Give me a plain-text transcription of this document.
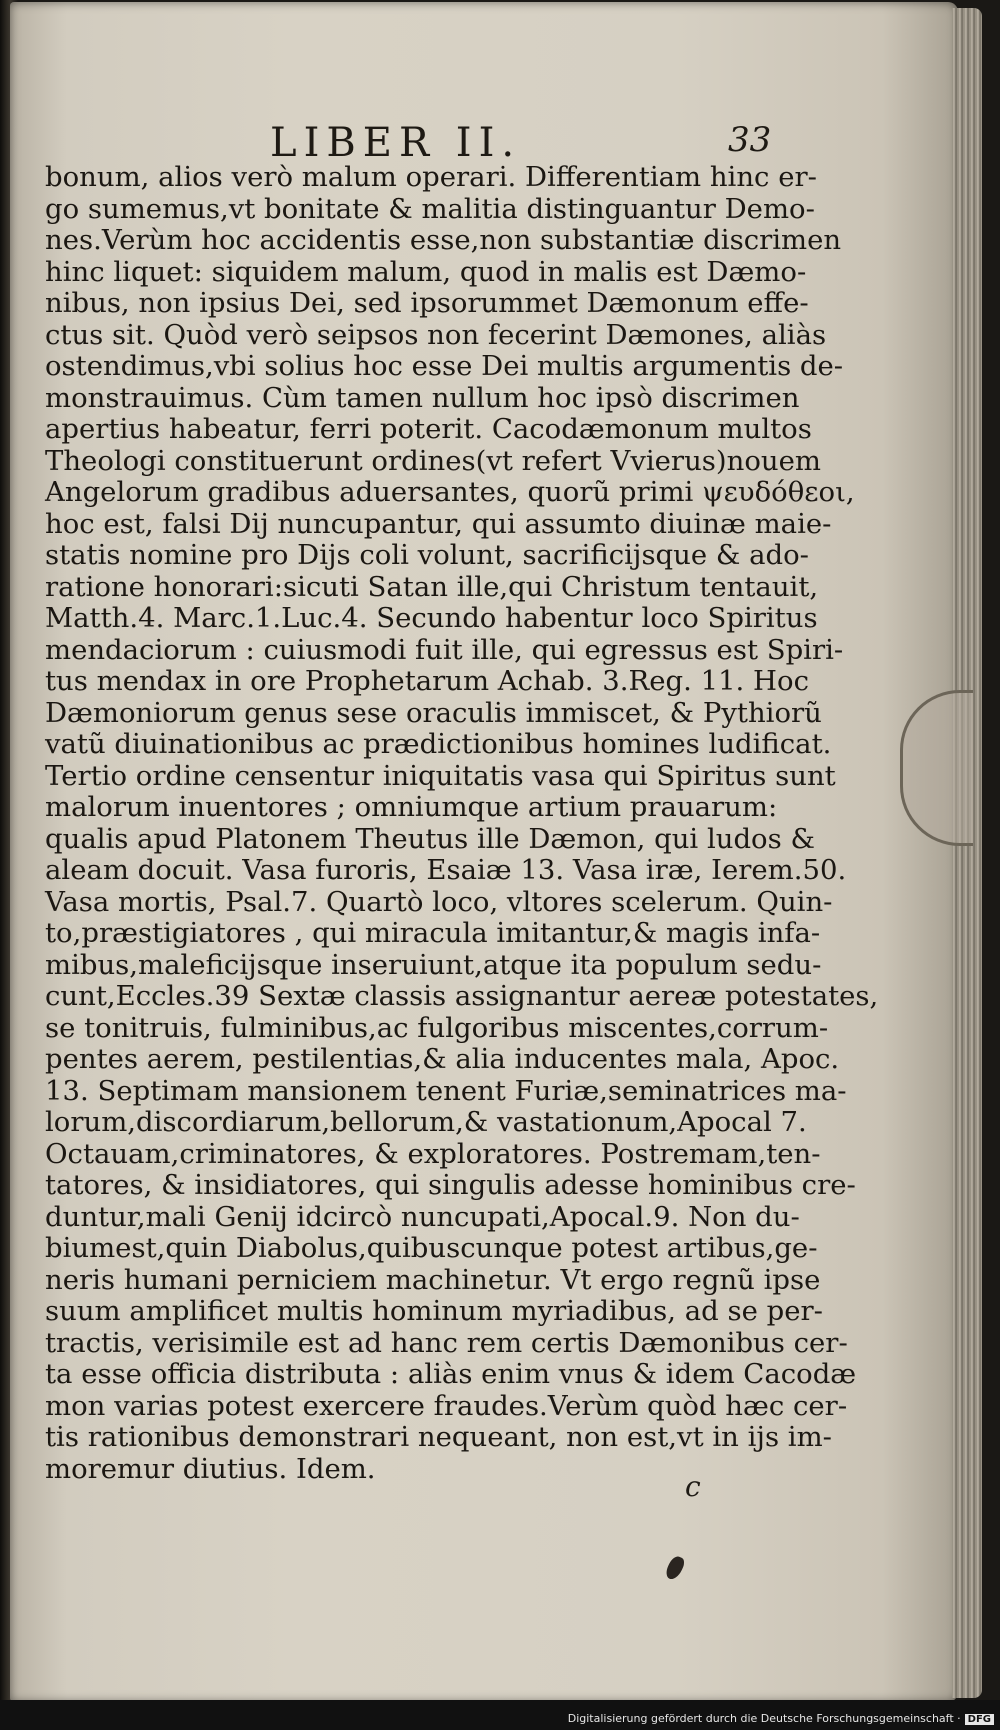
LIBER II.	33
bonum, alios verò malum operari. Differentiam hinc er-
go sumemus,vt bonitate & malitia distinguantur Demo-
nes.Verùm hoc accidentis esse,non substantiæ discrimen
hinc liquet: siquidem malum, quod in malis est Dæmo-
nibus, non ipsius Dei, sed ipsorummet Dæmonum effe-
ctus sit. Quòd verò seipsos non fecerint Dæmones, aliàs
ostendimus,vbi solius hoc esse Dei multis argumentis de-
monstrauimus. Cùm tamen nullum hoc ipsò discrimen
apertius habeatur, ferri poterit. Cacodæmonum multos
Theologi constituerunt ordines(vt refert Vvierus)nouem
Angelorum gradibus aduersantes, quorũ primi ψευδόθεοι,
hoc est, falsi Dij nuncupantur, qui assumto diuinæ maie-
statis nomine pro Dijs coli volunt, sacrificijsque & ado-
ratione honorari:sicuti Satan ille,qui Christum tentauit,
Matth.4. Marc.1.Luc.4. Secundo habentur loco Spiritus
mendaciorum : cuiusmodi fuit ille, qui egressus est Spiri-
tus mendax in ore Prophetarum Achab. 3.Reg. 11. Hoc
Dæmoniorum genus sese oraculis immiscet, & Pythiorũ
vatũ diuinationibus ac prædictionibus homines ludificat.
Tertio ordine censentur iniquitatis vasa qui Spiritus sunt
malorum inuentores ; omniumque artium prauarum:
qualis apud Platonem Theutus ille Dæmon, qui ludos &
aleam docuit. Vasa furoris, Esaiæ 13. Vasa iræ, Ierem.50.
Vasa mortis, Psal.7. Quartò loco, vltores scelerum. Quin-
to,præstigiatores , qui miracula imitantur,& magis infa-
mibus,maleficijsque inseruiunt,atque ita populum sedu-
cunt,Eccles.39 Sextæ classis assignantur aereæ potestates,
se tonitruis, fulminibus,ac fulgoribus miscentes,corrum-
pentes aerem, pestilentias,& alia inducentes mala, Apoc.
13. Septimam mansionem tenent Furiæ,seminatrices ma-
lorum,discordiarum,bellorum,& vastationum,Apocal 7.
Octauam,criminatores, & exploratores. Postremam,ten-
tatores, & insidiatores, qui singulis adesse hominibus cre-
duntur,mali Genij idcircò nuncupati,Apocal.9. Non du-
biumest,quin Diabolus,quibuscunque potest artibus,ge-
neris humani perniciem machinetur. Vt ergo regnũ ipse
suum amplificet multis hominum myriadibus, ad se per-
tractis, verisimile est ad hanc rem certis Dæmonibus cer-
ta esse officia distributa : aliàs enim vnus & idem Cacodæ
mon varias potest exercere fraudes.Verùm quòd hæc cer-
tis rationibus demonstrari nequeant, non est,vt in ijs im-
moremur diutius. Idem.
c
Digitalisierung gefördert durch die Deutsche Forschungsgemeinschaft · DFG
